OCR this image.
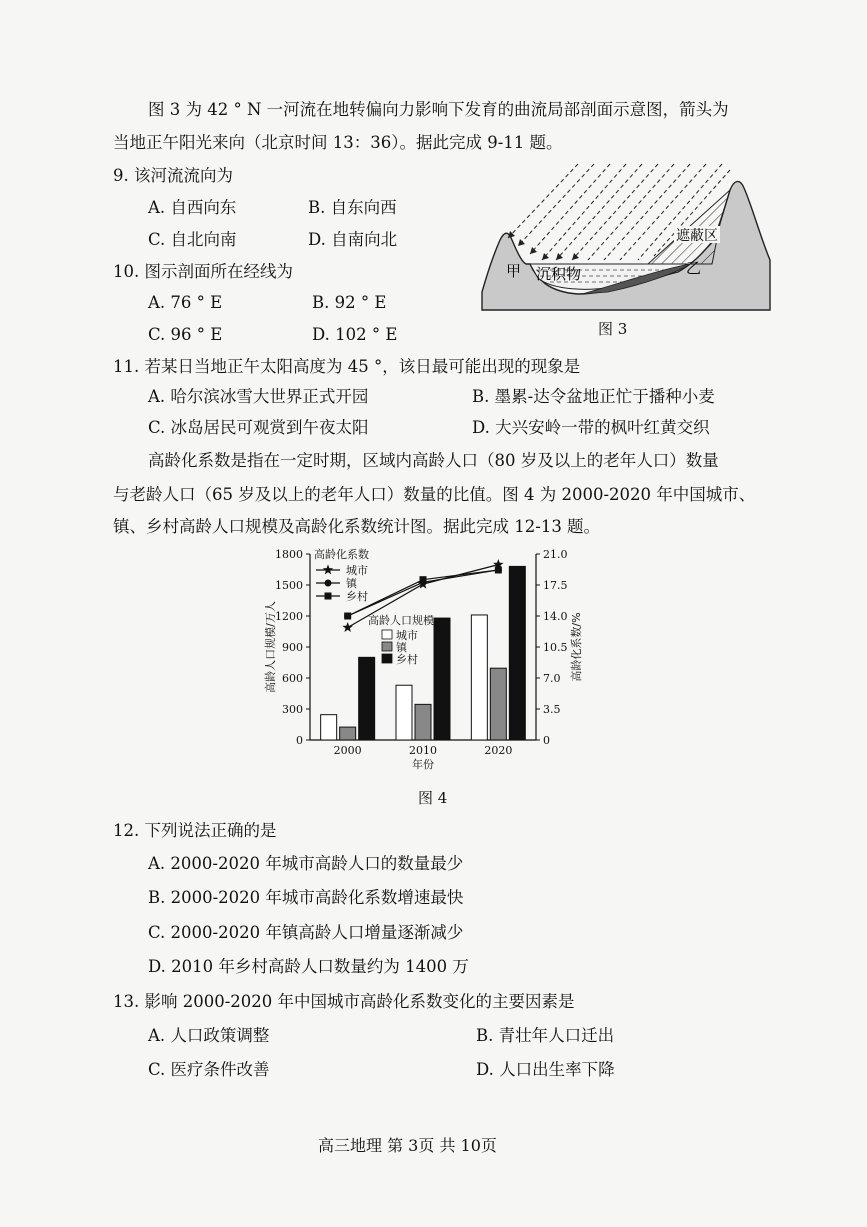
图 3 为 42 ° N 一河流在地转偏向力影响下发育的曲流局部剖面示意图，箭头为
当地正午阳光来向（北京时间 13：36）。据此完成 9-11 题。
9. 该河流流向为
A. 自西向东	B. 自东向西
C. 自北向南	D. 自南向北
10. 图示剖面所在经线为
A. 76 ° E	B. 92 ° E
C. 96 ° E	D. 102 ° E
甲 沉积物	乙
遮蔽区
图 3
11. 若某日当地正午太阳高度为 45 °，该日最可能出现的现象是
A. 哈尔滨冰雪大世界正式开园	B. 墨累-达令盆地正忙于播种小麦
C. 冰岛居民可观赏到午夜太阳	D. 大兴安岭一带的枫叶红黄交织
高龄化系数是指在一定时期，区域内高龄人口（80 岁及以上的老年人口）数量
与老龄人口（65 岁及以上的老年人口）数量的比值。图 4 为 2000-2020 年中国城市、
镇、乡村高龄人口规模及高龄化系数统计图。据此完成 12-13 题。
0
300
600
900
1200
1500
1800
0
3.5
7.0
10.5
14.0
17.5
21.0
高龄人口规模/万人	高龄化系数/%
2000	2010	2020
年份
高龄化系数
城市
镇
乡村
高龄人口规模
城市
镇
乡村
图 4
12. 下列说法正确的是
A. 2000-2020 年城市高龄人口的数量最少
B. 2000-2020 年城市高龄化系数增速最快
C. 2000-2020 年镇高龄人口增量逐渐减少
D. 2010 年乡村高龄人口数量约为 1400 万
13. 影响 2000-2020 年中国城市高龄化系数变化的主要因素是
A. 人口政策调整	B. 青壮年人口迁出
C. 医疗条件改善	D. 人口出生率下降
高三地理 第 3页 共 10页
